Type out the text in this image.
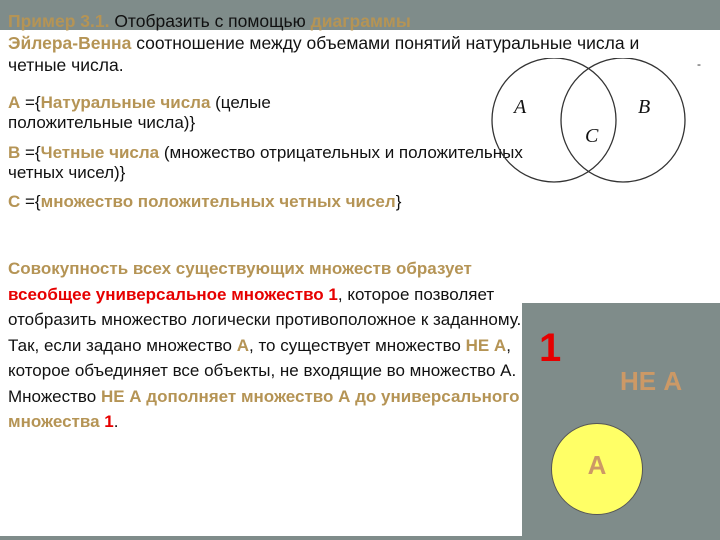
Пример 3.1. Отобразить с помощью диаграммы
Эйлера-Венна соотношение между объемами понятий натуральные числа и четные числа.

А ={Натуральные числа (целые положительные числа)}

В ={Четные числа (множество отрицательных и положительных четных чисел)}

С ={множество положительных четных чисел}

A	B
C
-

Совокупность всех существующих множеств образует всеобщее универсальное множество 1, которое позволяет отобразить множество логически противоположное к заданному. Так, если задано множество А, то существует множество НЕ А, которое объединяет все объекты, не входящие во множество А. Множество НЕ А дополняет множество А до универсального множества 1.

1
НЕ А
А
